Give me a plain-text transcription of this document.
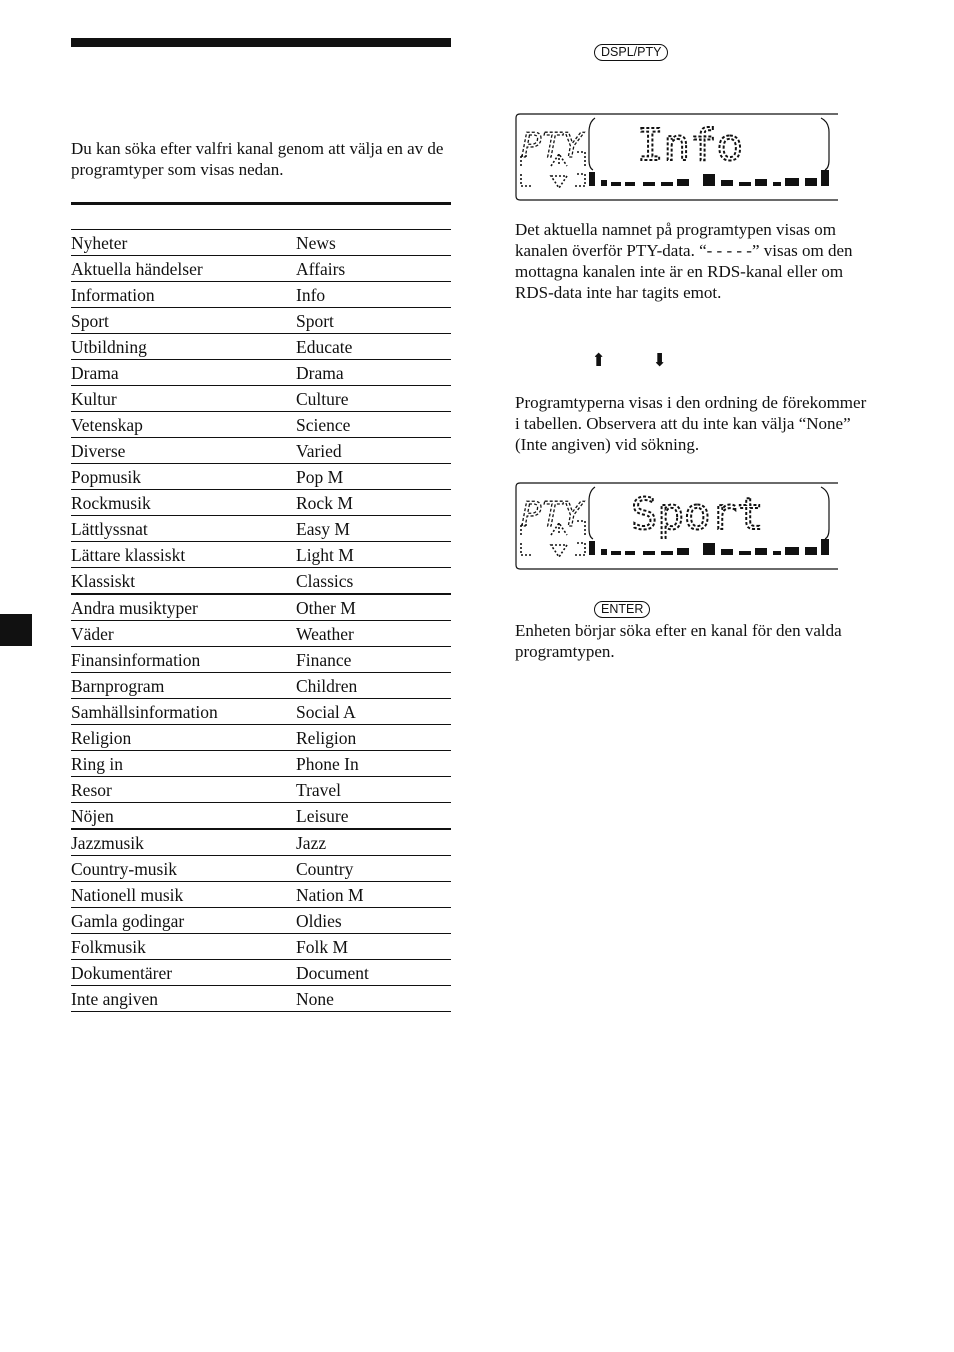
Du kan söka efter valfri kanal genom att välja en av de programtyper som visas nedan.

Nyheter	News
Aktuella händelser	Affairs
Information	Info
Sport	Sport
Utbildning	Educate
Drama	Drama
Kultur	Culture
Vetenskap	Science
Diverse	Varied
Popmusik	Pop M
Rockmusik	Rock M
Lättlyssnat	Easy M
Lättare klassiskt	Light M
Klassiskt	Classics
Andra musiktyper	Other M
Väder	Weather
Finansinformation	Finance
Barnprogram	Children
Samhällsinformation	Social A
Religion	Religion
Ring in	Phone In
Resor	Travel
Nöjen	Leisure
Jazzmusik	Jazz
Country-musik	Country
Nationell musik	Nation M
Gamla godingar	Oldies
Folkmusik	Folk M
Dokumentärer	Document
Inte angiven	None
DSPL/PTY
PTY Info

Det aktuella namnet på programtypen visas om kanalen överför PTY-data. “- - - - -” visas om den mottagna kanalen inte är en RDS-kanal eller om RDS-data inte har tagits emot.

⬆	⬇

Programtyperna visas i den ordning de förekommer i tabellen. Observera att du inte kan välja “None” (Inte angiven) vid sökning.

PTY Sport
ENTER

Enheten börjar söka efter en kanal för den valda programtypen.
